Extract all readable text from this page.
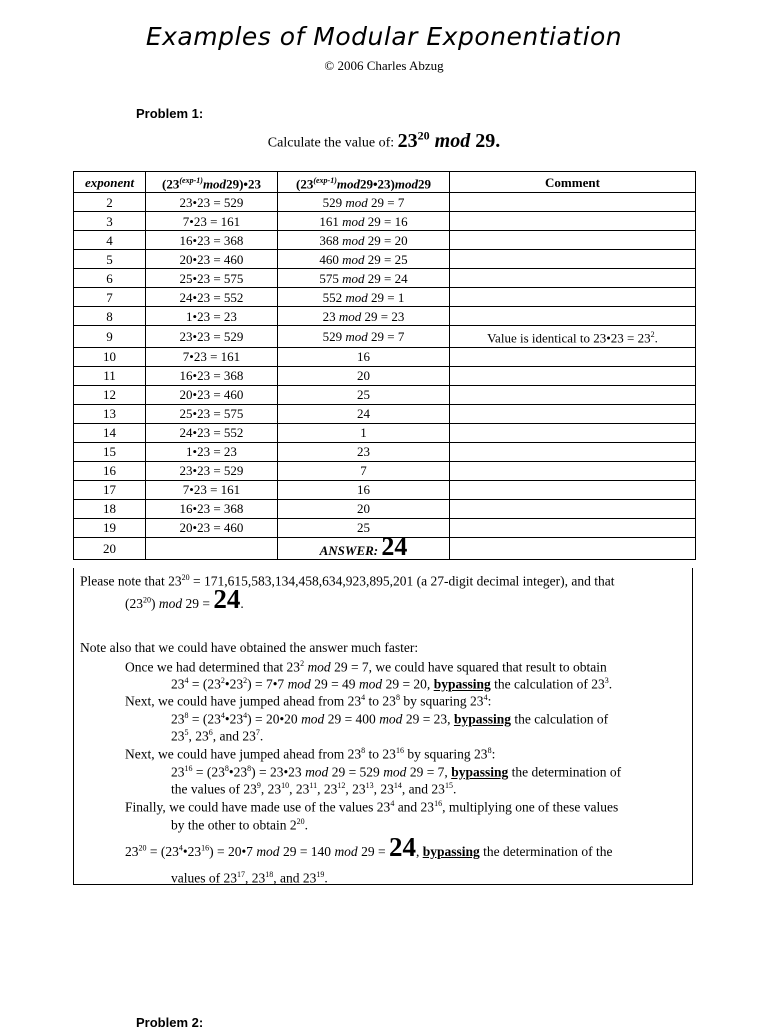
Examples of Modular Exponentiation
© 2006 Charles Abzug
Problem 1:
Calculate the value of: $23^{20}$ mod 29.
exponent	$(23^{(exp-1)}mod29)•23$	$(23^{(exp-1)}mod29•23)mod29$	Comment
2	23•23 = 529	529 mod 29 = 7	
3	7•23 = 161	161 mod 29 = 16	
4	16•23 = 368	368 mod 29 = 20	
5	20•23 = 460	460 mod 29 = 25	
6	25•23 = 575	575 mod 29 = 24	
7	24•23 = 552	552 mod 29 = 1	
8	1•23 = 23	23 mod 29 = 23	
9	23•23 = 529	529 mod 29 = 7	Value is identical to 23•23 = $23^2$.
10	7•23 = 161	16	
11	16•23 = 368	20	
12	20•23 = 460	25	
13	25•23 = 575	24	
14	24•23 = 552	1	
15	1•23 = 23	23	
16	23•23 = 529	7	
17	7•23 = 161	16	
18	16•23 = 368	20	
19	20•23 = 460	25	
20		ANSWER: 24	

Please note that $23^{20} = 171,615,583,134,458,634,923,895,201$ (a 27-digit decimal integer), and that

$(23^{20})$ mod 29 = 24.

Note also that we could have obtained the answer much faster:

Once we had determined that $23^2$ mod 29 = 7, we could have squared that result to obtain

$23^4$ = $(23^2•23^2)$ = 7•7 mod 29 = 49 mod 29 = 20, bypassing the calculation of $23^3$.

Next, we could have jumped ahead from $23^4$ to $23^8$ by squaring $23^4$:

$23^8$ = $(23^4•23^4)$ = 20•20 mod 29 = 400 mod 29 = 23, bypassing the calculation of

$23^5$, $23^6$, and $23^7$.

Next, we could have jumped ahead from $23^8$ to $23^{16}$ by squaring $23^8$:

$23^{16}$ = $(23^8•23^8)$ = 23•23 mod 29 = 529 mod 29 = 7, bypassing the determination of

the values of $23^9$, $23^{10}$, $23^{11}$, $23^{12}$, $23^{13}$, $23^{14}$, and $23^{15}$.

Finally, we could have made use of the values $23^4$ and $23^{16}$, multiplying one of these values

by the other to obtain $2^{20}$.

$23^{20}$ = $(23^4•23^{16})$ = 20•7 mod 29 = 140 mod 29 = 24, bypassing the determination of the

values of $23^{17}$, $23^{18}$, and $23^{19}$.

Problem 2:
